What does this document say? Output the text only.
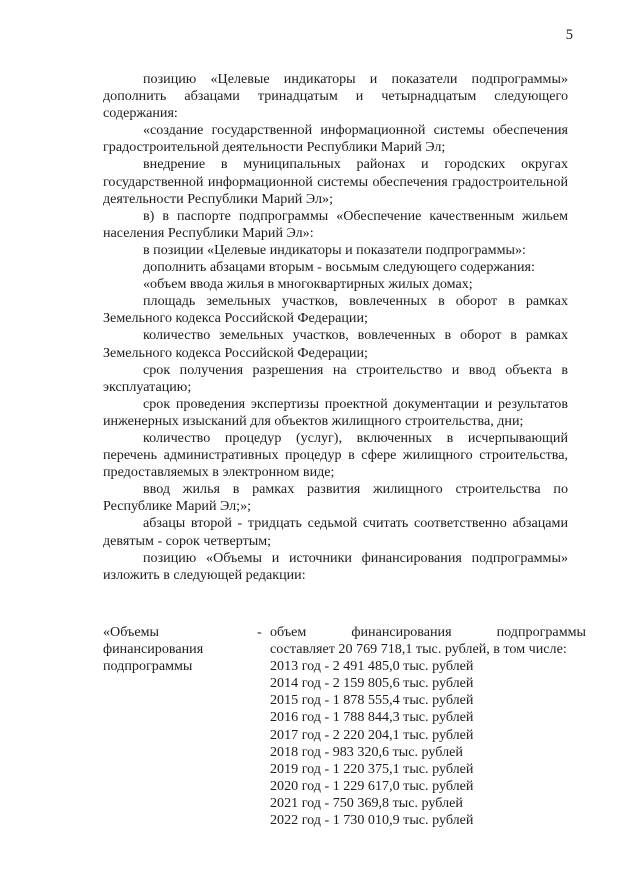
5

позицию «Целевые индикаторы и показатели подпрограммы» дополнить абзацами тринадцатым и четырнадцатым следующего содержания:

«создание государственной информационной системы обеспечения градостроительной деятельности Республики Марий Эл;

внедрение в муниципальных районах и городских округах государственной информационной системы обеспечения градостроительной деятельности Республики Марий Эл»;

в) в паспорте подпрограммы «Обеспечение качественным жильем населения Республики Марий Эл»:

в позиции «Целевые индикаторы и показатели подпрограммы»:

дополнить абзацами вторым - восьмым следующего содержания:

«объем ввода жилья в многоквартирных жилых домах;

площадь земельных участков, вовлеченных в оборот в рамках Земельного кодекса Российской Федерации;

количество земельных участков, вовлеченных в оборот в рамках Земельного кодекса Российской Федерации;

срок получения разрешения на строительство и ввод объекта в эксплуатацию;

срок проведения экспертизы проектной документации и результатов инженерных изысканий для объектов жилищного строительства, дни;

количество процедур (услуг), включенных в исчерпывающий перечень административных процедур в сфере жилищного строительства, предоставляемых в электронном виде;

ввод жилья в рамках развития жилищного строительства по Республике Марий Эл;»;

абзацы второй - тридцать седьмой считать соответственно абзацами девятым - сорок четвертым;

позицию «Объемы и источники финансирования подпрограммы» изложить в следующей редакции:

«Объемы
финансирования
подпрограммы
- объем финансирования подпрограммы
составляет 20 769 718,1 тыс. рублей, в том числе:
2013 год - 2 491 485,0 тыс. рублей
2014 год - 2 159 805,6 тыс. рублей
2015 год - 1 878 555,4 тыс. рублей
2016 год - 1 788 844,3 тыс. рублей
2017 год - 2 220 204,1 тыс. рублей
2018 год - 983 320,6 тыс. рублей
2019 год - 1 220 375,1 тыс. рублей
2020 год - 1 229 617,0 тыс. рублей
2021 год - 750 369,8 тыс. рублей
2022 год - 1 730 010,9 тыс. рублей
